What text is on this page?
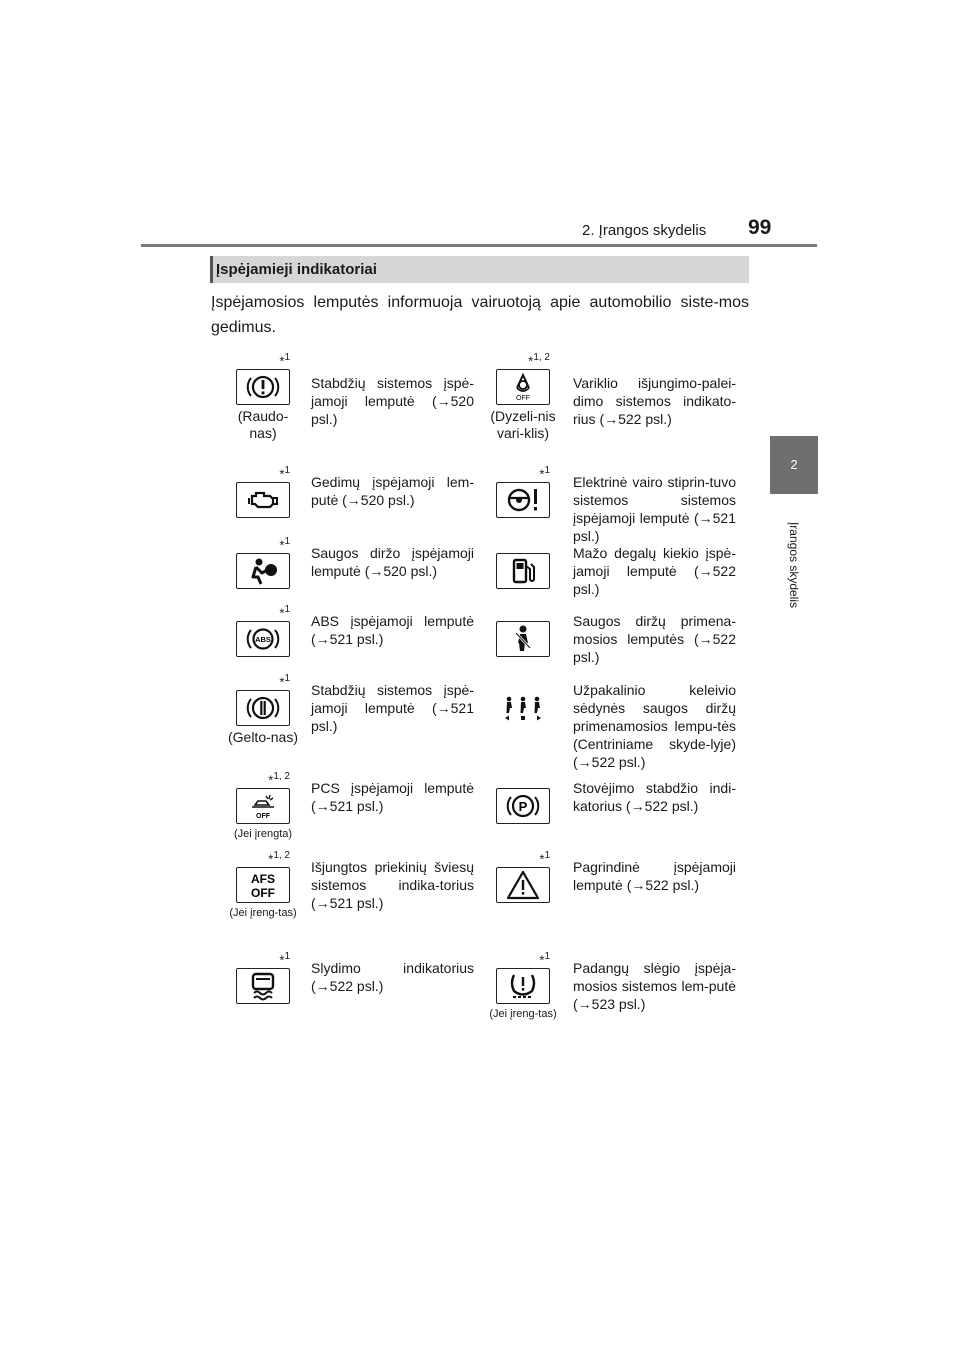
2. Įrangos skydelis 99
2
Įrangos skydelis
Įspėjamieji indikatoriai
Įspėjamosios lemputės informuoja vairuotoją apie automobilio siste-mos gedimus.
*$^1$
(Raudo-nas)
Stabdžių sistemos įspė-jamoji lemputė (→520 psl.)
*$^{1, 2}$
OFF
(Dyzeli-nis vari-klis)
Variklio išjungimo-palei-dimo sistemos indikato-rius (→522 psl.)
*$^1$
Gedimų įspėjamoji lem-putė (→520 psl.)
*$^1$
Elektrinė vairo stiprin-tuvo sistemos sistemos įspėjamoji lemputė (→521 psl.)
*$^1$
Saugos diržo įspėjamoji lemputė (→520 psl.)
Mažo degalų kiekio įspė-jamoji lemputė (→522 psl.)
*$^1$
ABS
ABS įspėjamoji lemputė (→521 psl.)
Saugos diržų primena-mosios lemputės (→522 psl.)
*$^1$
(Gelto-nas)
Stabdžių sistemos įspė-jamoji lemputė (→521 psl.)
Užpakalinio keleivio sėdynės saugos diržų primenamosios lempu-tės (Centriniame skyde-lyje) (→522 psl.)
*$^{1, 2}$
OFF
(Jei įrengta)
PCS įspėjamoji lemputė (→521 psl.)	P
Stovėjimo stabdžio indi-katorius (→522 psl.)
*$^{1, 2}$
AFS
OFF
(Jei įreng-tas)
Išjungtos priekinių šviesų sistemos indika-torius (→521 psl.)
*$^1$
Pagrindinė įspėjamoji lemputė (→522 psl.)
*$^1$
Slydimo indikatorius (→522 psl.)
*$^1$
(Jei įreng-tas)
Padangų slėgio įspėja-mosios sistemos lem-putė (→523 psl.)
